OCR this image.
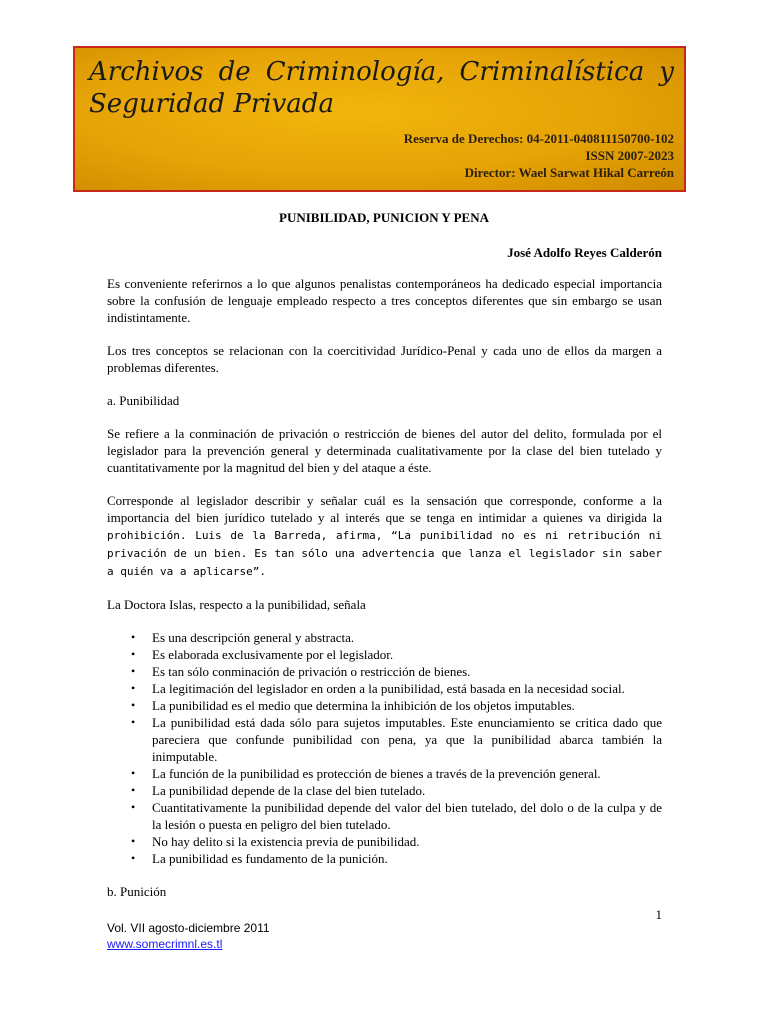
Archivos de Criminología, Criminalística y Seguridad Privada
Reserva de Derechos: 04-2011-040811150700-102
ISSN 2007-2023
Director: Wael Sarwat Hikal Carreón
PUNIBILIDAD, PUNICION Y PENA
José Adolfo Reyes Calderón

Es conveniente referirnos a lo que algunos penalistas contemporáneos ha dedicado especial importancia sobre la confusión de lenguaje empleado respecto a tres conceptos diferentes que sin embargo se usan indistintamente.

Los tres conceptos se relacionan con la coercitividad Jurídico-Penal y cada uno de ellos da margen a problemas diferentes.

a. Punibilidad

Se refiere a la conminación de privación o restricción de bienes del autor del delito, formulada por el legislador para la prevención general y determinada cualitativamente por la clase del bien tutelado y cuantitativamente por la magnitud del bien y del ataque a éste.

Corresponde al legislador describir y señalar cuál es la sensación que corresponde, conforme a la importancia del bien jurídico tutelado y al interés que se tenga en intimidar a quienes va dirigida la prohibición. Luis de la Barreda, afirma, “La punibilidad no es ni retribución ni privación de un bien. Es tan sólo una advertencia que lanza el legislador sin saber a quién va a aplicarse”.

La Doctora Islas, respecto a la punibilidad, señala

• Es una descripción general y abstracta.
• Es elaborada exclusivamente por el legislador.
• Es tan sólo conminación de privación o restricción de bienes.
• La legitimación del legislador en orden a la punibilidad, está basada en la necesidad social.
• La punibilidad es el medio que determina la inhibición de los objetos imputables.
• La punibilidad está dada sólo para sujetos imputables. Este enunciamiento se critica dado que pareciera que confunde punibilidad con pena, ya que la punibilidad abarca también la inimputable.
• La función de la punibilidad es protección de bienes a través de la prevención general.
• La punibilidad depende de la clase del bien tutelado.
• Cuantitativamente la punibilidad depende del valor del bien tutelado, del dolo o de la culpa y de la lesión o puesta en peligro del bien tutelado.
• No hay delito si la existencia previa de punibilidad.
• La punibilidad es fundamento de la punición.

b. Punición

1
Vol. VII agosto-diciembre 2011
www.somecrimnl.es.tl
